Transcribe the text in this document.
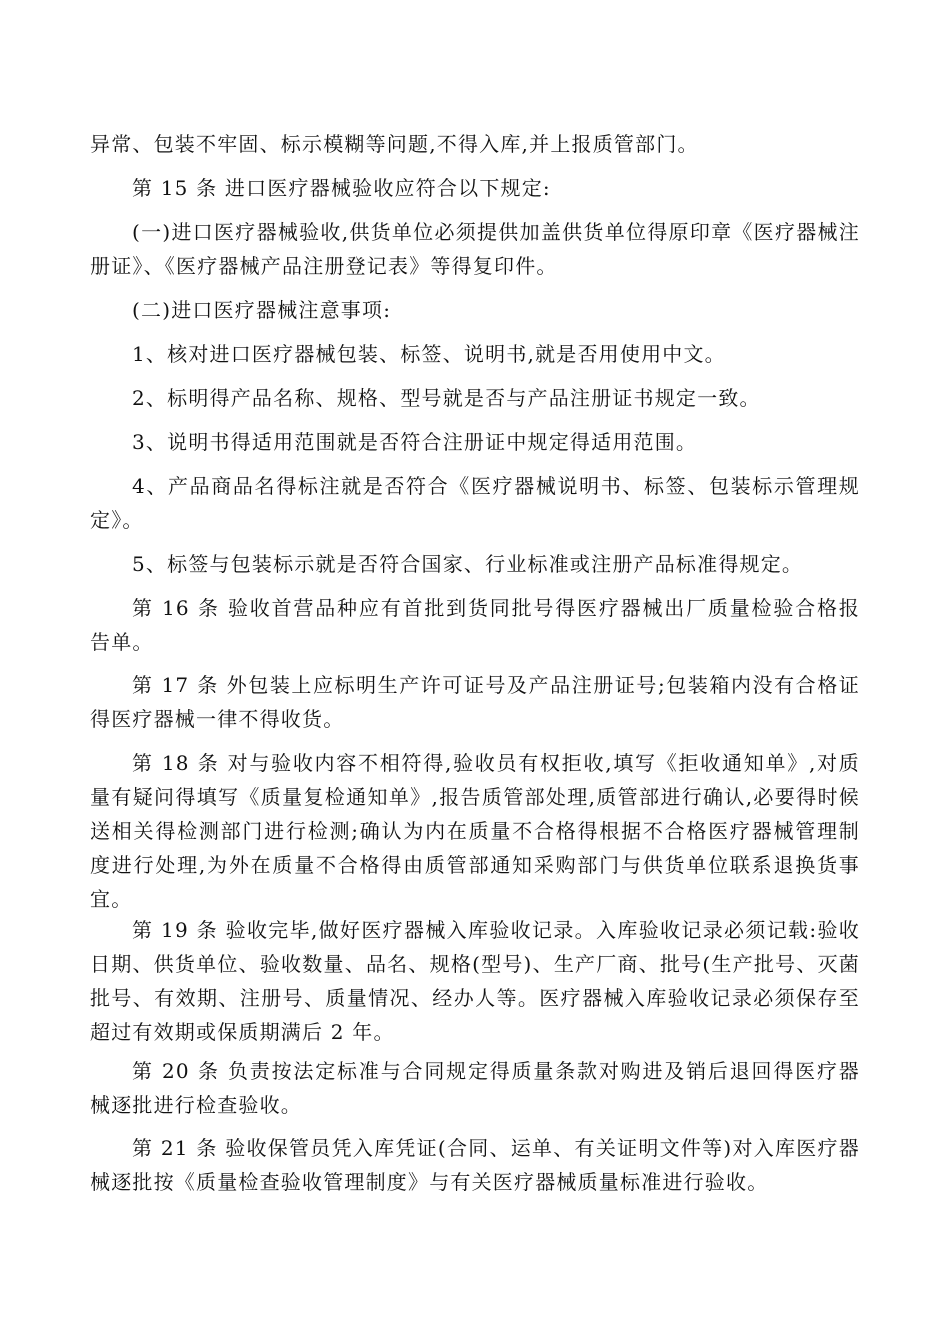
异常、包装不牢固、标示模糊等问题,不得入库,并上报质管部门。

第 15 条 进口医疗器械验收应符合以下规定:

(一)进口医疗器械验收,供货单位必须提供加盖供货单位得原印章《医疗器械注册证》、《医疗器械产品注册登记表》等得复印件。

(二)进口医疗器械注意事项:

1、核对进口医疗器械包装、标签、说明书,就是否用使用中文。

2、标明得产品名称、规格、型号就是否与产品注册证书规定一致。

3、说明书得适用范围就是否符合注册证中规定得适用范围。

4、产品商品名得标注就是否符合《医疗器械说明书、标签、包装标示管理规定》。

5、标签与包装标示就是否符合国家、行业标准或注册产品标准得规定。

第 16 条 验收首营品种应有首批到货同批号得医疗器械出厂质量检验合格报告单。

第 17 条 外包装上应标明生产许可证号及产品注册证号;包装箱内没有合格证得医疗器械一律不得收货。

第 18 条 对与验收内容不相符得,验收员有权拒收,填写《拒收通知单》,对质量有疑问得填写《质量复检通知单》,报告质管部处理,质管部进行确认,必要得时候送相关得检测部门进行检测;确认为内在质量不合格得根据不合格医疗器械管理制度进行处理,为外在质量不合格得由质管部通知采购部门与供货单位联系退换货事宜。

第 19 条 验收完毕,做好医疗器械入库验收记录。入库验收记录必须记载:验收日期、供货单位、验收数量、品名、规格(型号)、生产厂商、批号(生产批号、灭菌批号、有效期、注册号、质量情况、经办人等。医疗器械入库验收记录必须保存至超过有效期或保质期满后 2 年。

第 20 条 负责按法定标准与合同规定得质量条款对购进及销后退回得医疗器械逐批进行检查验收。

第 21 条 验收保管员凭入库凭证(合同、运单、有关证明文件等)对入库医疗器械逐批按《质量检查验收管理制度》与有关医疗器械质量标准进行验收。
